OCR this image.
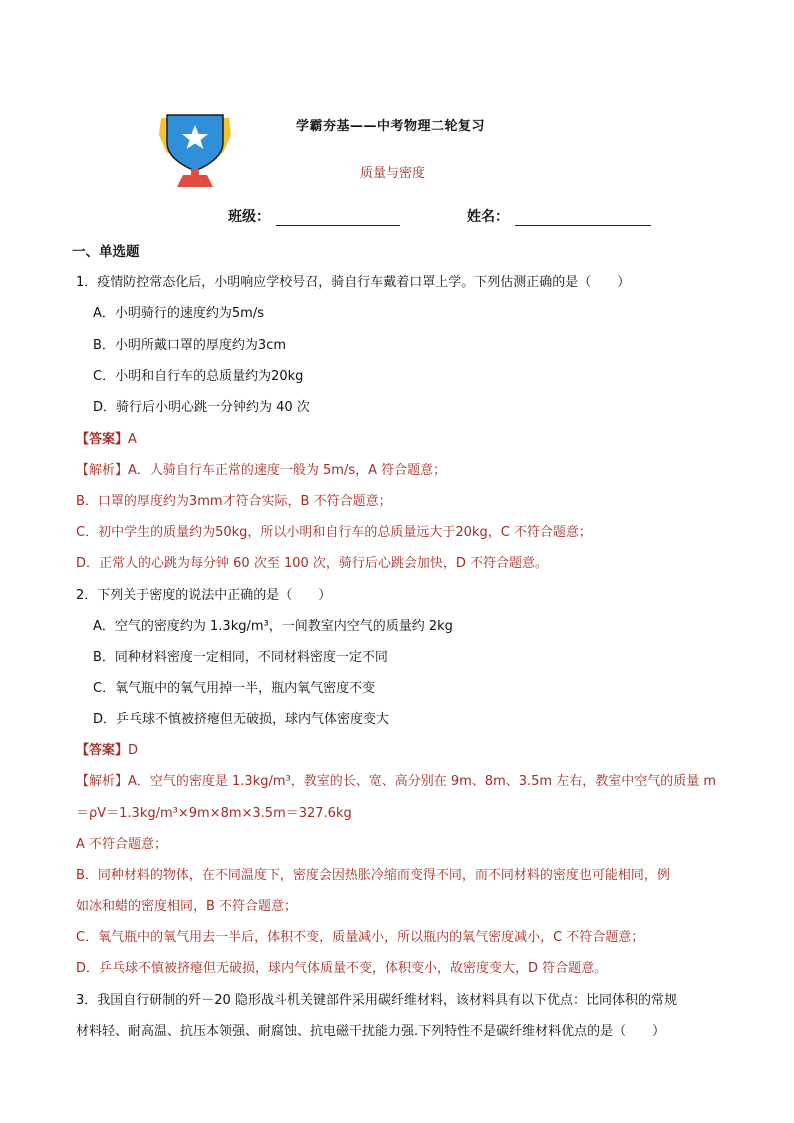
学霸夯基——中考物理二轮复习
质量与密度
班级：	姓名：
一、单选题
1．疫情防控常态化后，小明响应学校号召，骑自行车戴着口罩上学。下列估测正确的是（　　）
A．小明骑行的速度约为5m/s
B．小明所戴口罩的厚度约为3cm
C．小明和自行车的总质量约为20kg
D．骑行后小明心跳一分钟约为 40 次
【答案】A
【解析】A．人骑自行车正常的速度一般为 5m/s，A 符合题意；
B．口罩的厚度约为3mm才符合实际，B 不符合题意；
C．初中学生的质量约为50kg，所以小明和自行车的总质量远大于20kg，C 不符合题意；
D．正常人的心跳为每分钟 60 次至 100 次，骑行后心跳会加快，D 不符合题意。
2．下列关于密度的说法中正确的是（　　）
A．空气的密度约为 1.3kg/m³，一间教室内空气的质量约 2kg
B．同种材料密度一定相同，不同材料密度一定不同
C．氧气瓶中的氧气用掉一半，瓶内氧气密度不变
D．乒乓球不慎被挤瘪但无破损，球内气体密度变大
【答案】D
【解析】A．空气的密度是 1.3kg/m³，教室的长、宽、高分别在 9m、8m、3.5m 左右，教室中空气的质量 m
＝ρV＝1.3kg/m³×9m×8m×3.5m＝327.6kg
A 不符合题意；
B．同种材料的物体，在不同温度下，密度会因热胀冷缩而变得不同，而不同材料的密度也可能相同，例
如冰和蜡的密度相同，B 不符合题意；
C．氧气瓶中的氧气用去一半后，体积不变，质量减小，所以瓶内的氧气密度减小，C 不符合题意；
D．乒乓球不慎被挤瘪但无破损，球内气体质量不变，体积变小，故密度变大，D 符合题意。
3．我国自行研制的歼－20 隐形战斗机关键部件采用碳纤维材料，该材料具有以下优点：比同体积的常规
材料轻、耐高温、抗压本领强、耐腐蚀、抗电磁干扰能力强.下列特性不是碳纤维材料优点的是（　　）
